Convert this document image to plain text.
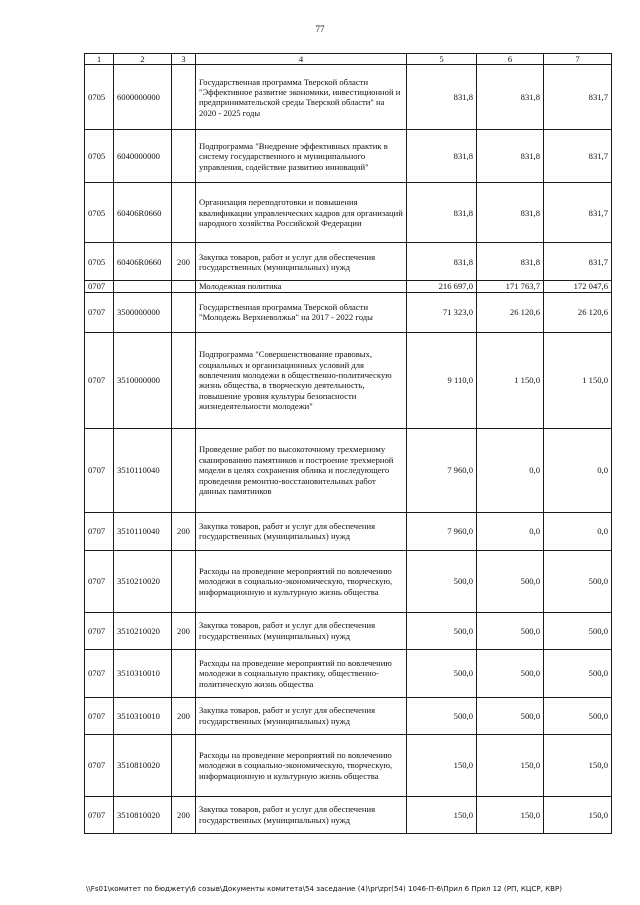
77
1	2	3	4	5	6	7
0705	6000000000		Государственная программа Тверской области "Эффективное развитие экономики, инвестиционной и предпринимательской среды Тверской области" на 2020 - 2025 годы	831,8	831,8	831,7
0705	6040000000		Подпрограмма "Внедрение эффективных практик в систему государственного и муниципального управления, содействие развитию инноваций"	831,8	831,8	831,7
0705	60406R0660		Организация переподготовки и повышения квалификации управленческих кадров для организаций народного хозяйства Российской Федерации	831,8	831,8	831,7
0705	60406R0660	200	Закупка товаров, работ и услуг для обеспечения государственных (муниципальных) нужд	831,8	831,8	831,7
0707			Молодежная политика	216 697,0	171 763,7	172 047,6
0707	3500000000		Государственная программа Тверской области "Молодежь Верхневолжья" на 2017 - 2022 годы	71 323,0	26 120,6	26 120,6
0707	3510000000		Подпрограмма "Совершенствование правовых, социальных и организационных условий для вовлечения молодежи в общественно-политическую жизнь общества, в творческую деятельность, повышение уровня культуры безопасности жизнедеятельности молодежи"	9 110,0	1 150,0	1 150,0
0707	3510110040		Проведение работ по высокоточному трехмерному сканированию памятников и построение трехмерной модели в целях сохранения облика и последующего проведения ремонтно-восстановительных работ данных памятников	7 960,0	0,0	0,0
0707	3510110040	200	Закупка товаров, работ и услуг для обеспечения государственных (муниципальных) нужд	7 960,0	0,0	0,0
0707	3510210020		Расходы на проведение мероприятий по вовлечению молодежи в социально-экономическую, творческую, информационную и культурную жизнь общества	500,0	500,0	500,0
0707	3510210020	200	Закупка товаров, работ и услуг для обеспечения государственных (муниципальных) нужд	500,0	500,0	500,0
0707	3510310010		Расходы на проведение мероприятий по вовлечению молодежи в социальную практику, общественно-политическую жизнь общества	500,0	500,0	500,0
0707	3510310010	200	Закупка товаров, работ и услуг для обеспечения государственных (муниципальных) нужд	500,0	500,0	500,0
0707	3510810020		Расходы на проведение мероприятий по вовлечению молодежи в социально-экономическую, творческую, информационную и культурную жизнь общества	150,0	150,0	150,0
0707	3510810020	200	Закупка товаров, работ и услуг для обеспечения государственных (муниципальных) нужд	150,0	150,0	150,0
\\Fs01\комитет по бюджету\6 созыв\Документы комитета\54 заседание (4)\pr\zpr(54) 1046-П-6\Прил 6 Прил 12 (РП, КЦСР, КВР)
